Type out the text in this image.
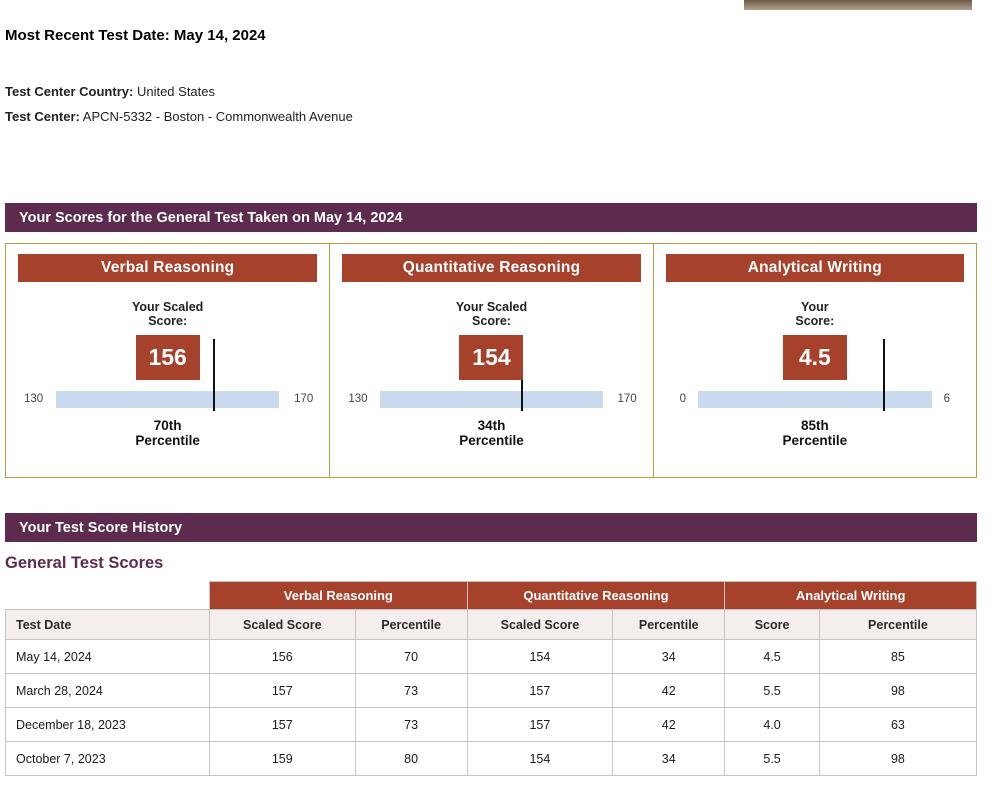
Most Recent Test Date: May 14, 2024
Test Center Country: United States
Test Center: APCN-5332 - Boston - Commonwealth Avenue
Your Scores for the General Test Taken on May 14, 2024
Verbal Reasoning
Your Scaled
Score:
156
130	170
70th
Percentile
Quantitative Reasoning
Your Scaled
Score:
154
130	170
34th
Percentile
Analytical Writing
Your
Score:
4.5
0	6
85th
Percentile
Your Test Score History
General Test Scores
	Verbal Reasoning		Quantitative Reasoning		Analytical Writing	
Test Date	Scaled Score	Percentile	Scaled Score	Percentile	Score	Percentile
May 14, 2024	156	70	154	34	4.5	85
March 28, 2024	157	73	157	42	5.5	98
December 18, 2023	157	73	157	42	4.0	63
October 7, 2023	159	80	154	34	5.5	98
